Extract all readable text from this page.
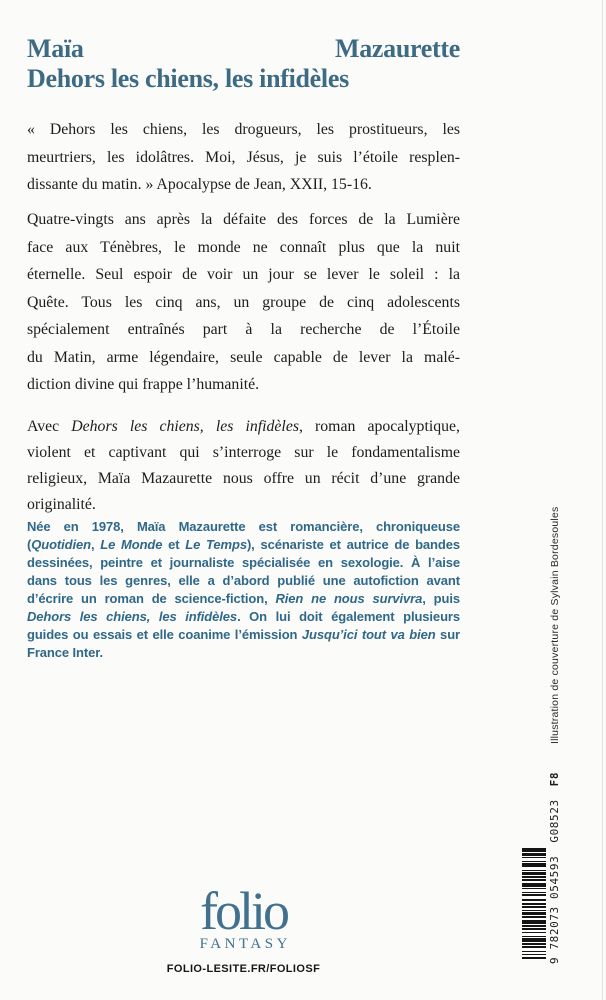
Maïa Mazaurette
Dehors les chiens, les infidèles
« Dehors les chiens, les drogueurs, les prostitueurs, les
meurtriers, les idolâtres. Moi, Jésus, je suis l’étoile resplen-
dissante du matin. » Apocalypse de Jean, XXII, 15-16.
Quatre-vingts ans après la défaite des forces de la Lumière
face aux Ténèbres, le monde ne connaît plus que la nuit
éternelle. Seul espoir de voir un jour se lever le soleil : la
Quête. Tous les cinq ans, un groupe de cinq adolescents
spécialement entraînés part à la recherche de l’Étoile
du Matin, arme légendaire, seule capable de lever la malé-
diction divine qui frappe l’humanité.
Avec Dehors les chiens, les infidèles, roman apocalyptique,
violent et captivant qui s’interroge sur le fondamentalisme
religieux, Maïa Mazaurette nous offre un récit d’une grande
originalité.
Née en 1978, Maïa Mazaurette est romancière, chroniqueuse
(Quotidien, Le Monde et Le Temps), scénariste et autrice de bandes
dessinées, peintre et journaliste spécialisée en sexologie. À l’aise
dans tous les genres, elle a d’abord publié une autofiction avant
d’écrire un roman de science-fiction, Rien ne nous survivra, puis
Dehors les chiens, les infidèles. On lui doit également plusieurs
guides ou essais et elle coanime l’émission Jusqu’ici tout va bien sur
France Inter.	Illustration de couverture de Sylvain Bordesoules
9 782073 054593G08523F8
folio
FANTASY
FOLIO-LESITE.FR/FOLIOSF
